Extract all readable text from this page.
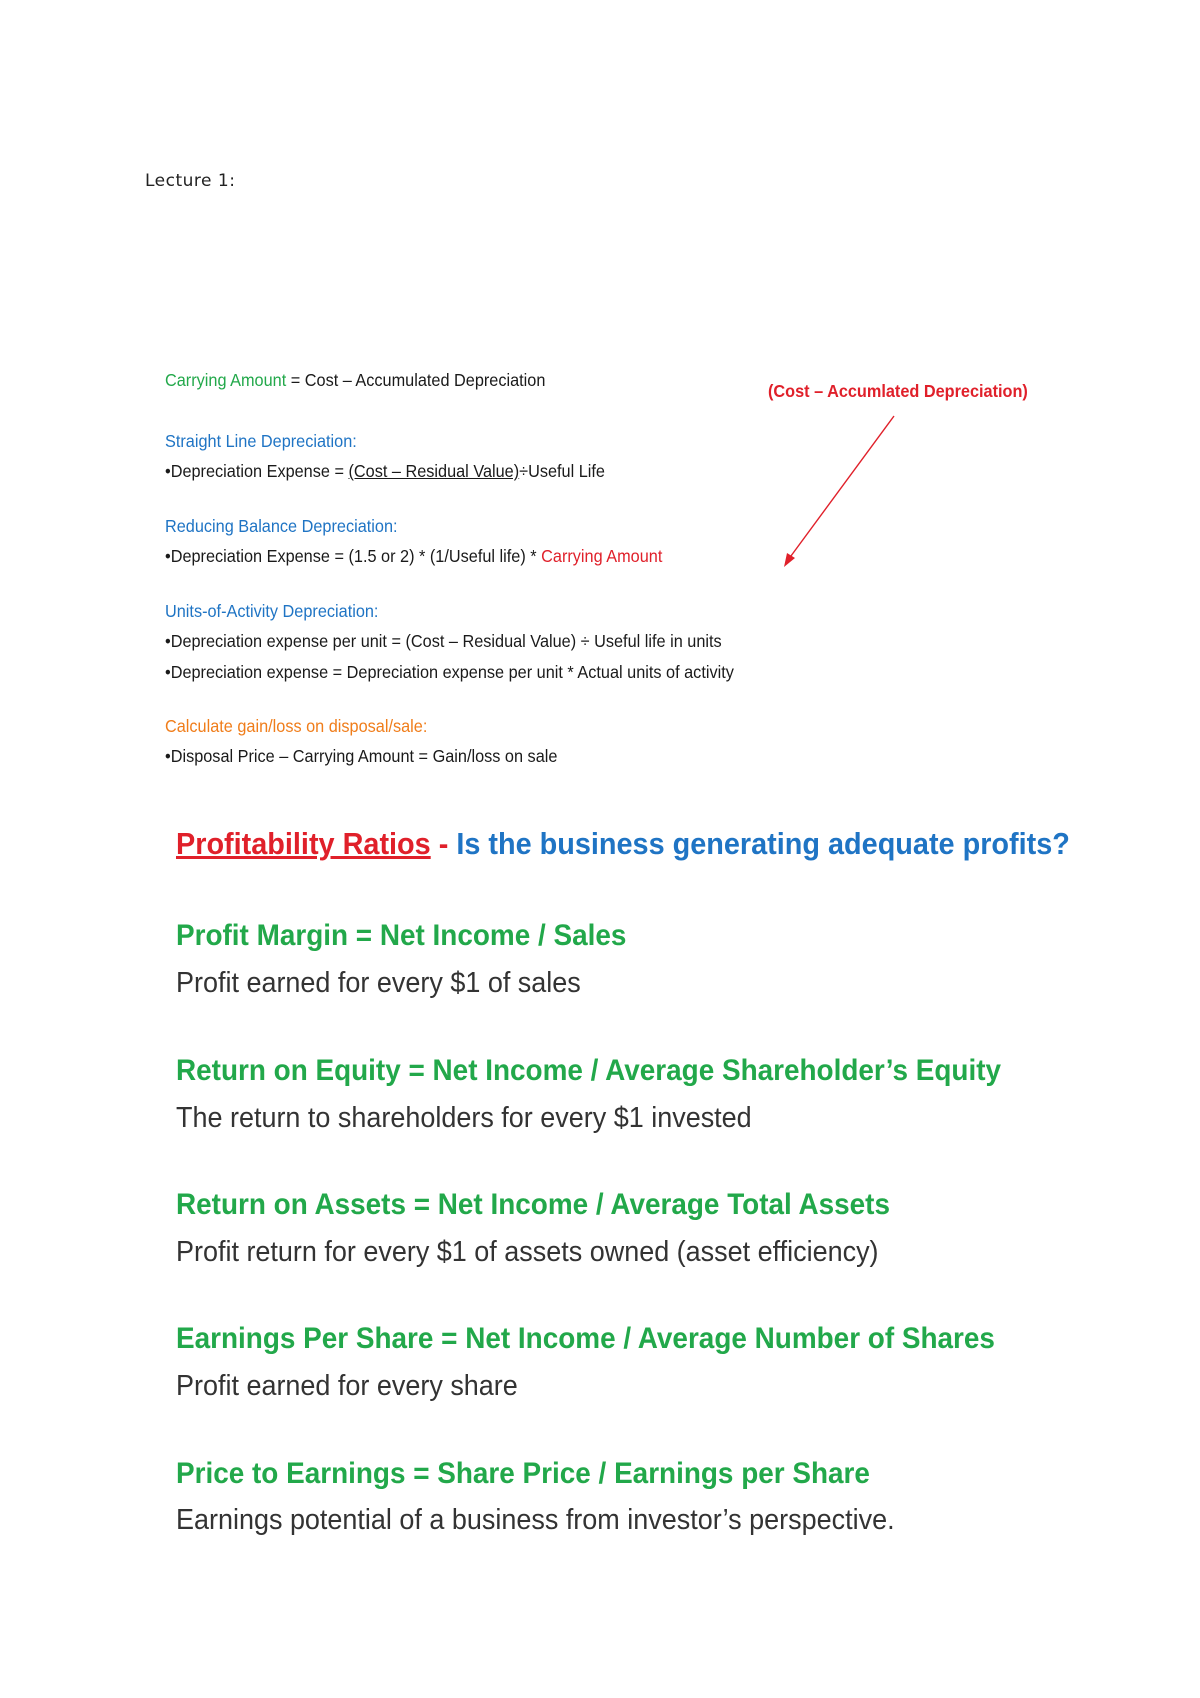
Lecture 1:
Carrying Amount = Cost – Accumulated Depreciation
(Cost – Accumlated Depreciation)
Straight Line Depreciation:
•Depreciation Expense = (Cost – Residual Value)÷Useful Life
Reducing Balance Depreciation:
•Depreciation Expense = (1.5 or 2) * (1/Useful life) * Carrying Amount
Units-of-Activity Depreciation:
•Depreciation expense per unit = (Cost – Residual Value) ÷ Useful life in units
•Depreciation expense = Depreciation expense per unit * Actual units of activity
Calculate gain/loss on disposal/sale:
•Disposal Price – Carrying Amount = Gain/loss on sale
Profitability Ratios - Is the business generating adequate profits?
Profit Margin = Net Income / Sales
Profit earned for every $1 of sales
Return on Equity = Net Income / Average Shareholder’s Equity
The return to shareholders for every $1 invested
Return on Assets = Net Income / Average Total Assets
Profit return for every $1 of assets owned (asset efficiency)
Earnings Per Share = Net Income / Average Number of Shares
Profit earned for every share
Price to Earnings = Share Price / Earnings per Share
Earnings potential of a business from investor’s perspective.
